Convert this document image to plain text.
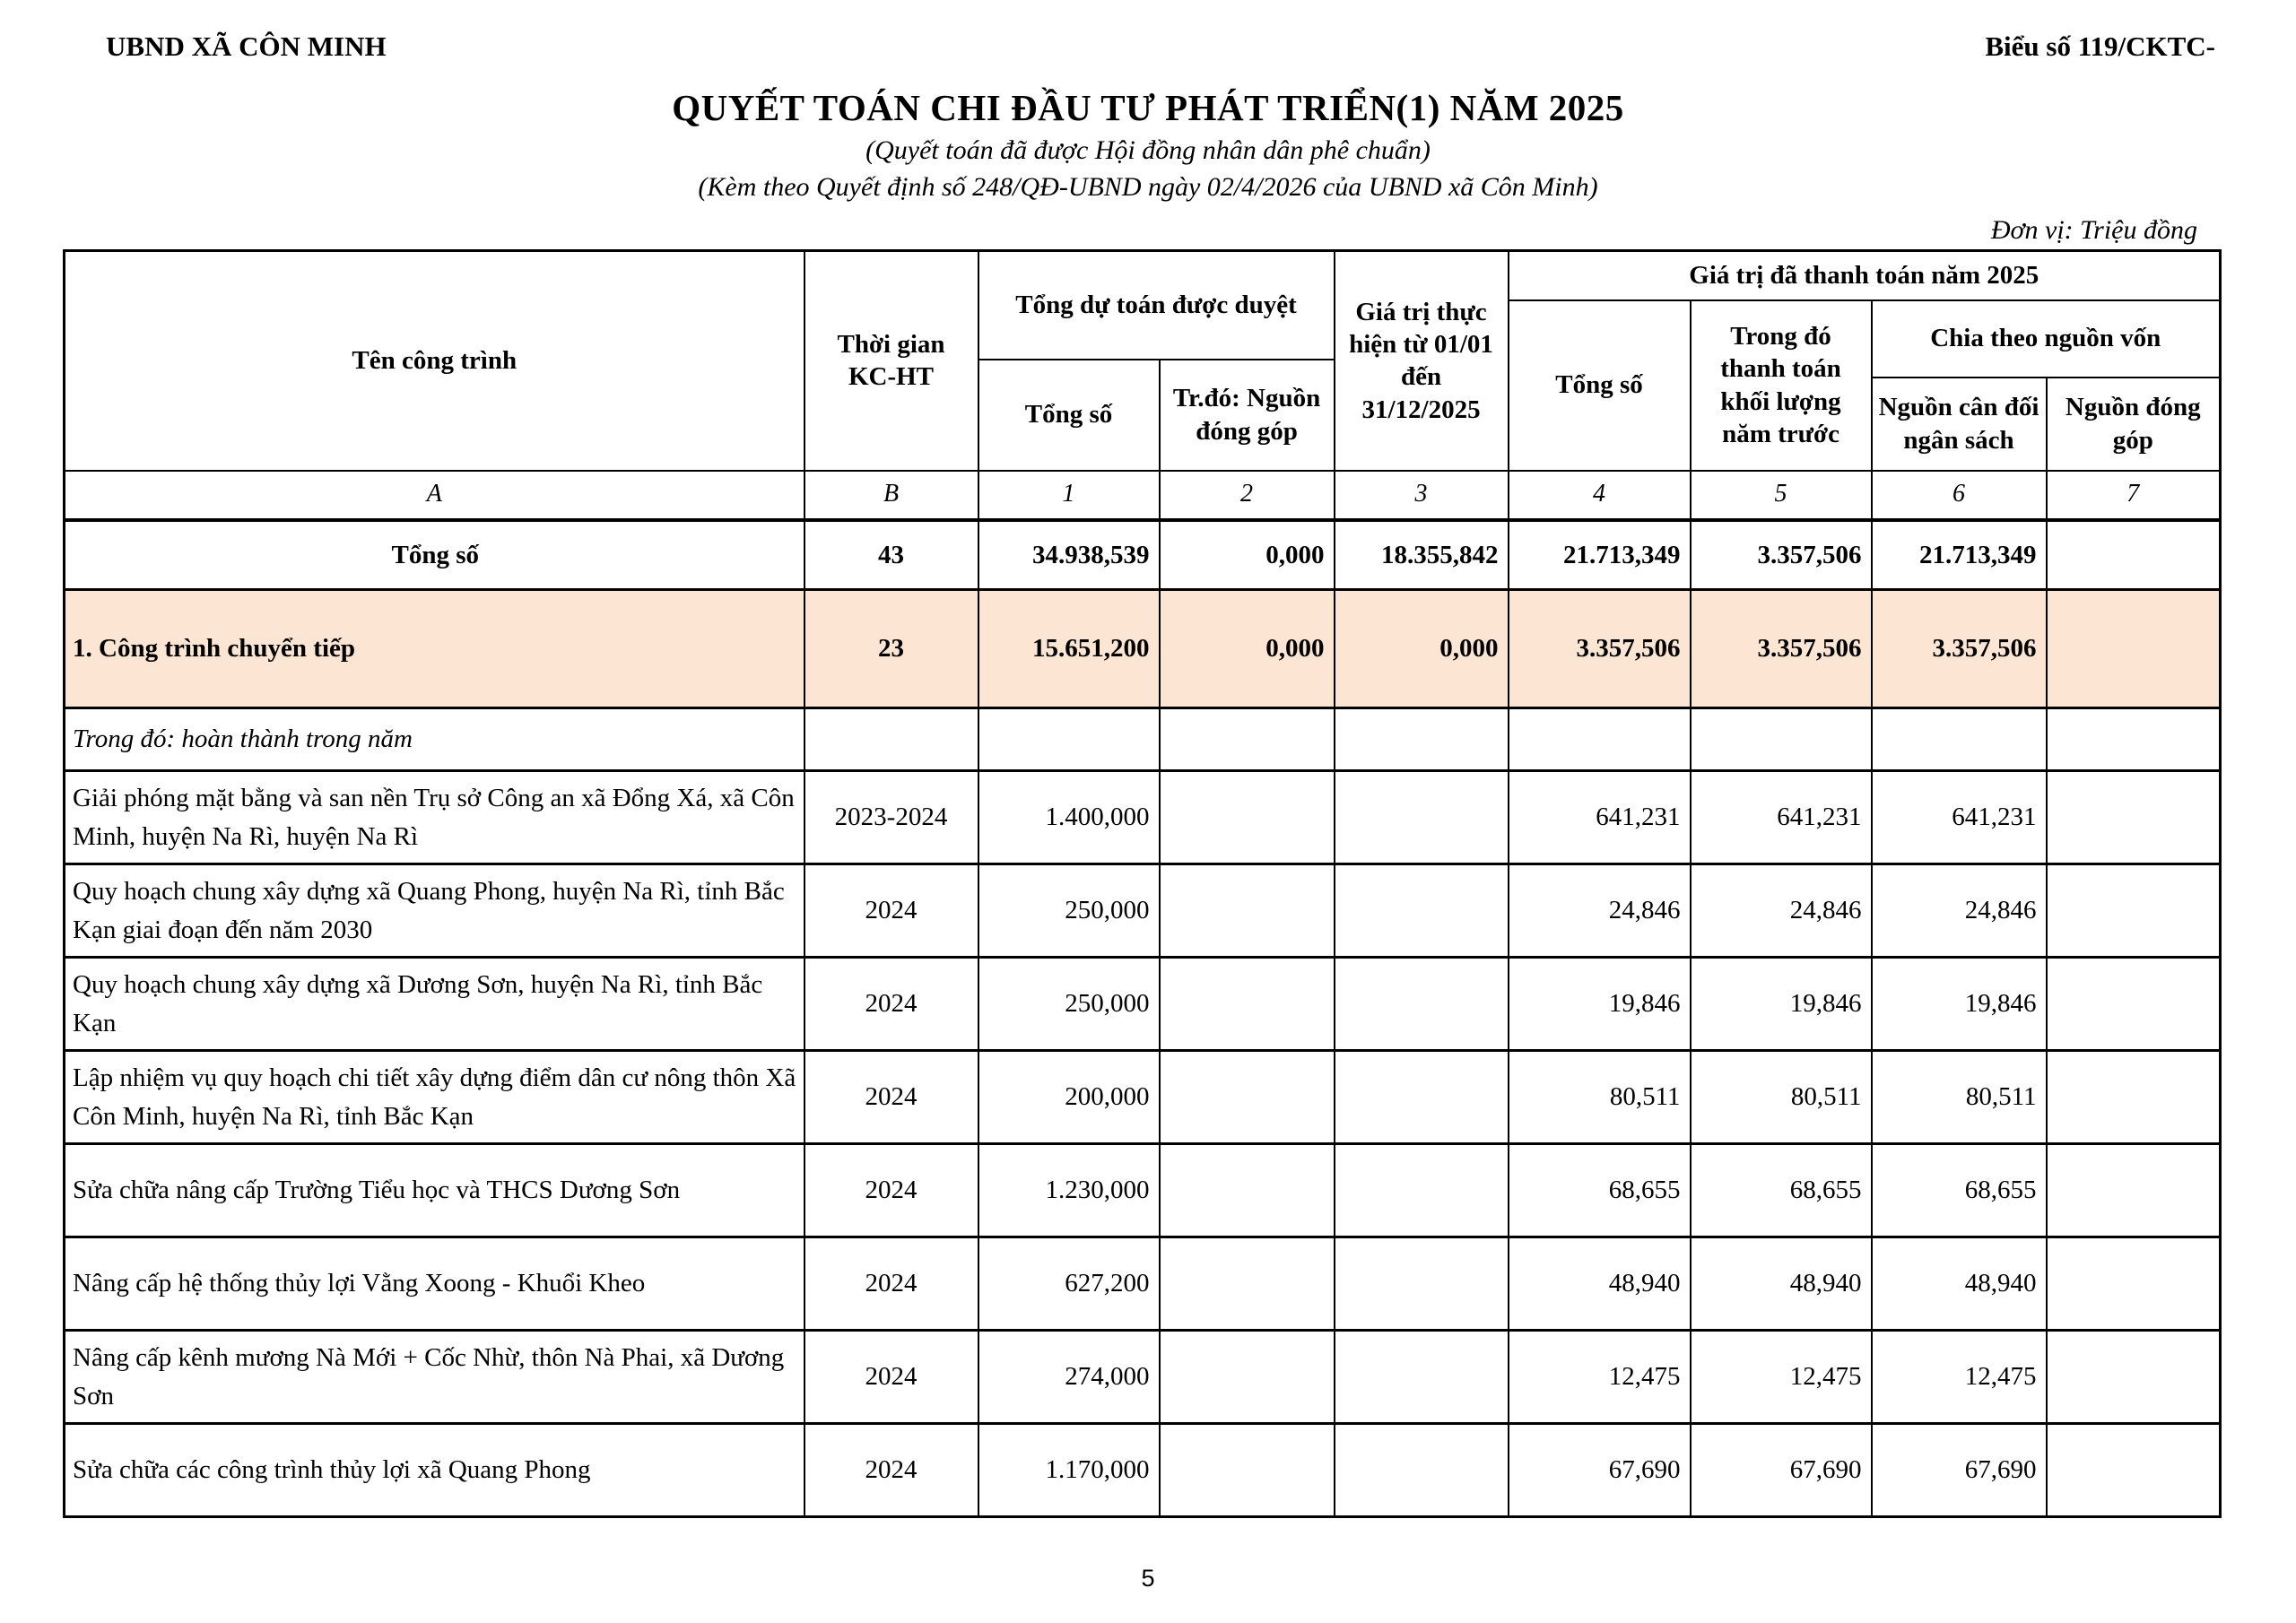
UBND XÃ CÔN MINH	Biểu số 119/CKTC-
QUYẾT TOÁN CHI ĐẦU TƯ PHÁT TRIỂN(1) NĂM 2025
(Quyết toán đã được Hội đồng nhân dân phê chuẩn)
(Kèm theo Quyết định số 248/QĐ-UBND ngày 02/4/2026 của UBND xã Côn Minh)
Đơn vị: Triệu đồng
Tên công trình	Thời gian KC-HT	Tổng dự toán được duyệt		Giá trị thực hiện từ 01/01 đến 31/12/2025	Giá trị đã thanh toán năm 2025			
					Tổng số	Trong đó thanh toán khối lượng năm trước	Chia theo nguồn vốn	
		Tổng số	Tr.đó: Nguồn đóng góp					
							Nguồn cân đối ngân sách	Nguồn đóng góp
A	B	1	2	3	4	5	6	7
Tổng số	43	34.938,539	0,000	18.355,842	21.713,349	3.357,506	21.713,349	
1. Công trình chuyển tiếp	23	15.651,200	0,000	0,000	3.357,506	3.357,506	3.357,506	
Trong đó: hoàn thành trong năm								
Giải phóng mặt bằng và san nền Trụ sở Công an xã Đổng Xá, xã Côn Minh, huyện Na Rì, huyện Na Rì	2023-2024	1.400,000			641,231	641,231	641,231	
Quy hoạch chung xây dựng xã Quang Phong, huyện Na Rì, tỉnh Bắc Kạn giai đoạn đến năm 2030	2024	250,000			24,846	24,846	24,846	
Quy hoạch chung xây dựng xã Dương Sơn, huyện Na Rì, tỉnh Bắc Kạn	2024	250,000			19,846	19,846	19,846	
Lập nhiệm vụ quy hoạch chi tiết xây dựng điểm dân cư nông thôn Xã Côn Minh, huyện Na Rì, tỉnh Bắc Kạn	2024	200,000			80,511	80,511	80,511	
Sửa chữa nâng cấp Trường Tiểu học và THCS Dương Sơn	2024	1.230,000			68,655	68,655	68,655	
Nâng cấp hệ thống thủy lợi Vằng Xoong - Khuổi Kheo	2024	627,200			48,940	48,940	48,940	
Nâng cấp kênh mương Nà Mới + Cốc Nhừ, thôn Nà Phai, xã Dương Sơn	2024	274,000			12,475	12,475	12,475	
Sửa chữa các công trình thủy lợi xã Quang Phong	2024	1.170,000			67,690	67,690	67,690	
5
